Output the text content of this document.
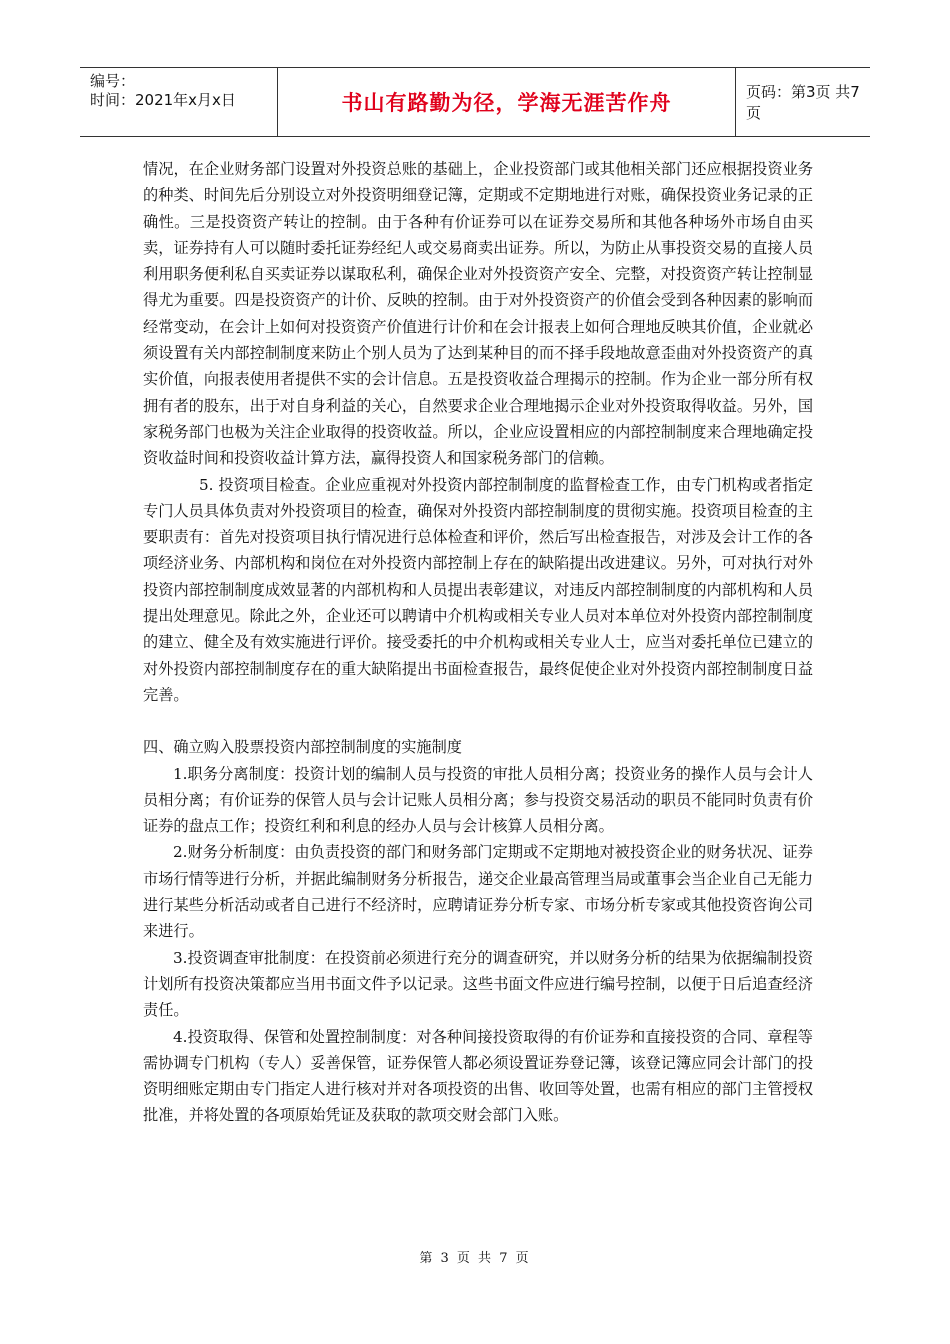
编号：
时间：2021年x月x日	书山有路勤为径，学海无涯苦作舟	页码：第3页 共7页

情况，在企业财务部门设置对外投资总账的基础上，企业投资部门或其他相关部门还应根据投资业务的种类、时间先后分别设立对外投资明细登记簿，定期或不定期地进行对账，确保投资业务记录的正确性。三是投资资产转让的控制。由于各种有价证券可以在证券交易所和其他各种场外市场自由买卖，证券持有人可以随时委托证券经纪人或交易商卖出证券。所以，为防止从事投资交易的直接人员利用职务便利私自买卖证券以谋取私利，确保企业对外投资资产安全、完整，对投资资产转让控制显得尤为重要。四是投资资产的计价、反映的控制。由于对外投资资产的价值会受到各种因素的影响而经常变动，在会计上如何对投资资产价值进行计价和在会计报表上如何合理地反映其价值，企业就必须设置有关内部控制制度来防止个别人员为了达到某种目的而不择手段地故意歪曲对外投资资产的真实价值，向报表使用者提供不实的会计信息。五是投资收益合理揭示的控制。作为企业一部分所有权拥有者的股东，出于对自身利益的关心，自然要求企业合理地揭示企业对外投资取得收益。另外，国家税务部门也极为关注企业取得的投资收益。所以，企业应设置相应的内部控制制度来合理地确定投资收益时间和投资收益计算方法，赢得投资人和国家税务部门的信赖。

5. 投资项目检查。企业应重视对外投资内部控制制度的监督检查工作，由专门机构或者指定专门人员具体负责对外投资项目的检查，确保对外投资内部控制制度的贯彻实施。投资项目检查的主要职责有：首先对投资项目执行情况进行总体检查和评价，然后写出检查报告，对涉及会计工作的各项经济业务、内部机构和岗位在对外投资内部控制上存在的缺陷提出改进建议。另外，可对执行对外投资内部控制制度成效显著的内部机构和人员提出表彰建议，对违反内部控制制度的内部机构和人员提出处理意见。除此之外，企业还可以聘请中介机构或相关专业人员对本单位对外投资内部控制制度的建立、健全及有效实施进行评价。接受委托的中介机构或相关专业人士，应当对委托单位已建立的对外投资内部控制制度存在的重大缺陷提出书面检查报告，最终促使企业对外投资内部控制制度日益完善。

四、确立购入股票投资内部控制制度的实施制度

1.职务分离制度：投资计划的编制人员与投资的审批人员相分离；投资业务的操作人员与会计人员相分离；有价证券的保管人员与会计记账人员相分离；参与投资交易活动的职员不能同时负责有价证券的盘点工作；投资红利和利息的经办人员与会计核算人员相分离。

2.财务分析制度：由负责投资的部门和财务部门定期或不定期地对被投资企业的财务状况、证券市场行情等进行分析，并据此编制财务分析报告，递交企业最高管理当局或董事会当企业自己无能力进行某些分析活动或者自己进行不经济时，应聘请证券分析专家、市场分析专家或其他投资咨询公司来进行。

3.投资调查审批制度：在投资前必须进行充分的调查研究，并以财务分析的结果为依据编制投资计划所有投资决策都应当用书面文件予以记录。这些书面文件应进行编号控制，以便于日后追查经济责任。

4.投资取得、保管和处置控制制度：对各种间接投资取得的有价证券和直接投资的合同、章程等需协调专门机构（专人）妥善保管，证券保管人都必须设置证券登记簿，该登记簿应同会计部门的投资明细账定期由专门指定人进行核对并对各项投资的出售、收回等处置，也需有相应的部门主管授权批准，并将处置的各项原始凭证及获取的款项交财会部门入账。

第 3 页 共 7 页
